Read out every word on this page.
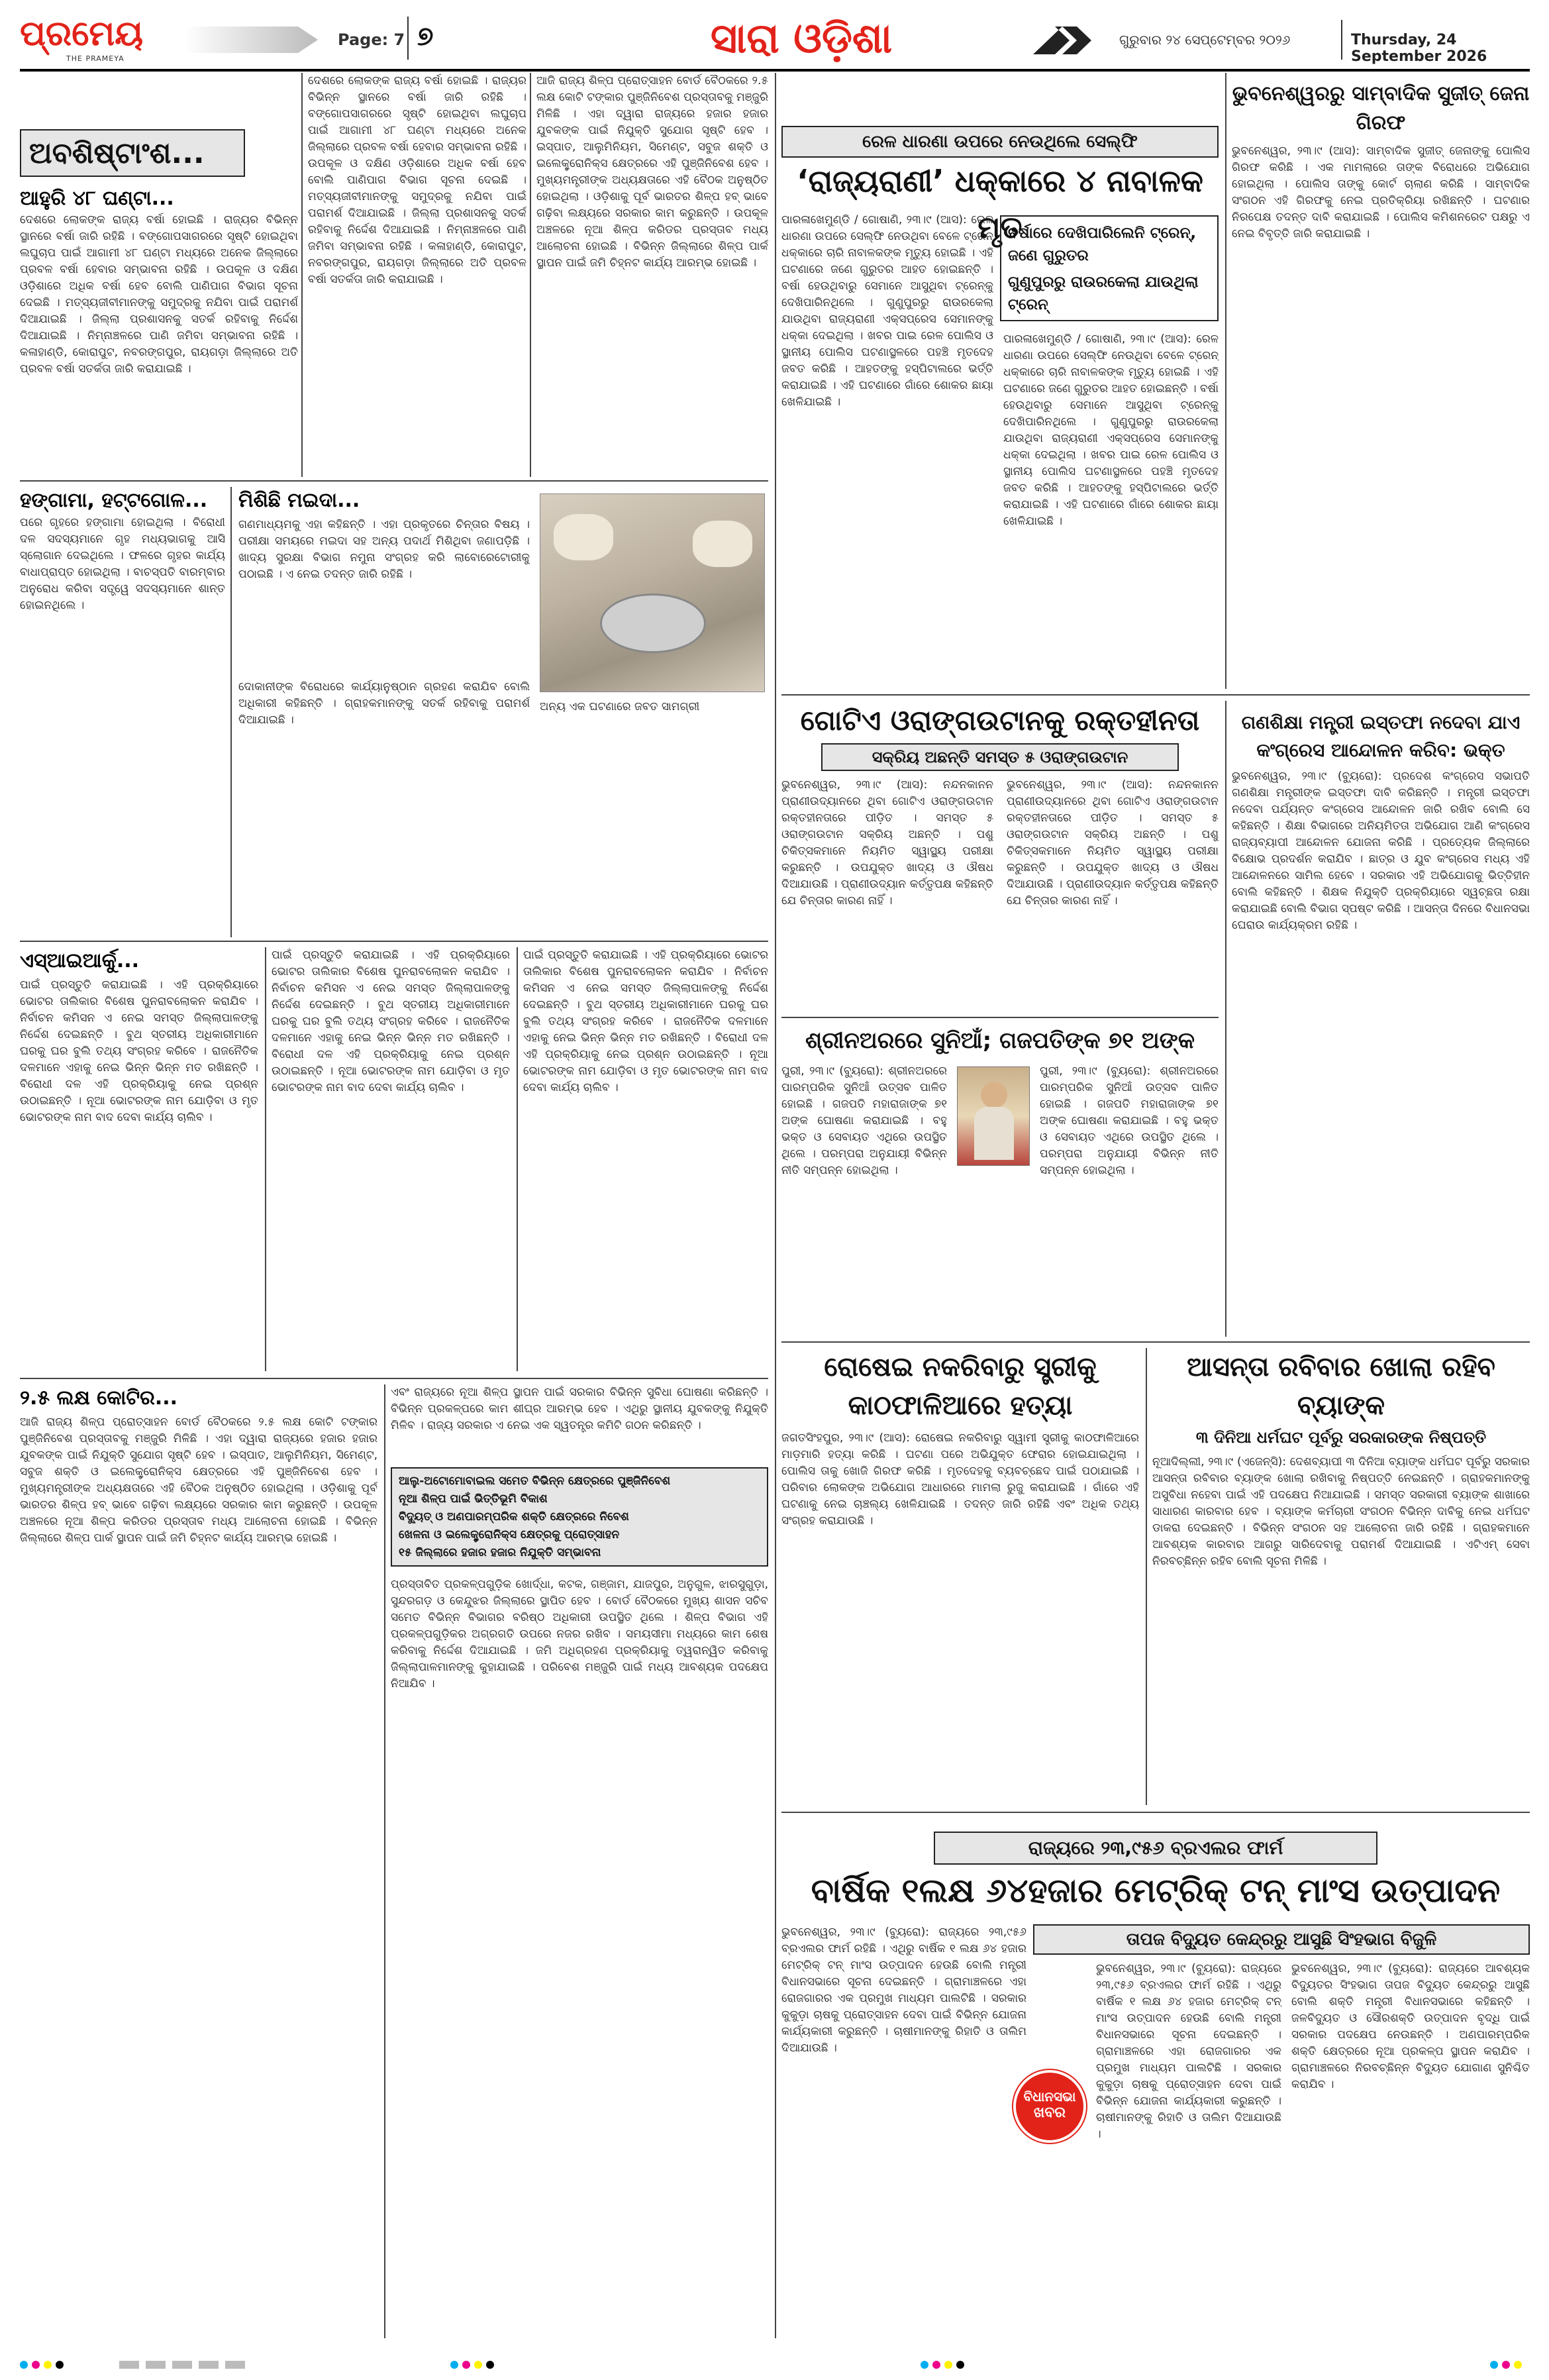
ପ୍ରମେୟ
THE PRAMEYA
Page: 7 ୭	ସାରା ଓଡ଼ିଶା	ଗୁରୁବାର ୨୪ ସେପ୍ଟେମ୍ବର ୨୦୨୬	Thursday, 24 September 2026
ଅବଶିଷ୍ଟାଂଶ...
ଆହୁରି ୪୮ ଘଣ୍ଟା...
ଦେଶରେ ଲୋକଙ୍କ ରାଜ୍ୟ ବର୍ଷା ହୋଇଛି । ରାଜ୍ୟର ବିଭିନ୍ନ ସ୍ଥାନରେ ବର୍ଷା ଜାରି ରହିଛି । ବଙ୍ଗୋପସାଗରରେ ସୃଷ୍ଟି ହୋଇଥିବା ଲଘୁଚାପ ପାଇଁ ଆଗାମୀ ୪୮ ଘଣ୍ଟା ମଧ୍ୟରେ ଅନେକ ଜିଲ୍ଲାରେ ପ୍ରବଳ ବର୍ଷା ହେବାର ସମ୍ଭାବନା ରହିଛି । ଉପକୂଳ ଓ ଦକ୍ଷିଣ ଓଡ଼ିଶାରେ ଅଧିକ ବର୍ଷା ହେବ ବୋଲି ପାଣିପାଗ ବିଭାଗ ସୂଚନା ଦେଇଛି । ମତ୍ସ୍ୟଜୀବୀମାନଙ୍କୁ ସମୁଦ୍ରକୁ ନଯିବା ପାଇଁ ପରାମର୍ଶ ଦିଆଯାଇଛି । ଜିଲ୍ଲା ପ୍ରଶାସନକୁ ସତର୍କ ରହିବାକୁ ନିର୍ଦ୍ଦେଶ ଦିଆଯାଇଛି । ନିମ୍ନାଞ୍ଚଳରେ ପାଣି ଜମିବା ସମ୍ଭାବନା ରହିଛି । କଳାହାଣ୍ଡି, କୋରାପୁଟ, ନବରଙ୍ଗପୁର, ରାୟଗଡ଼ା ଜିଲ୍ଲାରେ ଅତି ପ୍ରବଳ ବର୍ଷା ସତର୍କତା ଜାରି କରାଯାଇଛି ।
ଦେଶରେ ଲୋକଙ୍କ ରାଜ୍ୟ ବର୍ଷା ହୋଇଛି । ରାଜ୍ୟର ବିଭିନ୍ନ ସ୍ଥାନରେ ବର୍ଷା ଜାରି ରହିଛି । ବଙ୍ଗୋପସାଗରରେ ସୃଷ୍ଟି ହୋଇଥିବା ଲଘୁଚାପ ପାଇଁ ଆଗାମୀ ୪୮ ଘଣ୍ଟା ମଧ୍ୟରେ ଅନେକ ଜିଲ୍ଲାରେ ପ୍ରବଳ ବର୍ଷା ହେବାର ସମ୍ଭାବନା ରହିଛି । ଉପକୂଳ ଓ ଦକ୍ଷିଣ ଓଡ଼ିଶାରେ ଅଧିକ ବର୍ଷା ହେବ ବୋଲି ପାଣିପାଗ ବିଭାଗ ସୂଚନା ଦେଇଛି । ମତ୍ସ୍ୟଜୀବୀମାନଙ୍କୁ ସମୁଦ୍ରକୁ ନଯିବା ପାଇଁ ପରାମର୍ଶ ଦିଆଯାଇଛି । ଜିଲ୍ଲା ପ୍ରଶାସନକୁ ସତର୍କ ରହିବାକୁ ନିର୍ଦ୍ଦେଶ ଦିଆଯାଇଛି । ନିମ୍ନାଞ୍ଚଳରେ ପାଣି ଜମିବା ସମ୍ଭାବନା ରହିଛି । କଳାହାଣ୍ଡି, କୋରାପୁଟ, ନବରଙ୍ଗପୁର, ରାୟଗଡ଼ା ଜିଲ୍ଲାରେ ଅତି ପ୍ରବଳ ବର୍ଷା ସତର୍କତା ଜାରି କରାଯାଇଛି ।
ଆଜି ରାଜ୍ୟ ଶିଳ୍ପ ପ୍ରୋତ୍ସାହନ ବୋର୍ଡ ବୈଠକରେ ୨.୫ ଲକ୍ଷ କୋଟି ଟଙ୍କାର ପୁଞ୍ଜିନିବେଶ ପ୍ରସ୍ତାବକୁ ମଞ୍ଜୁରି ମିଳିଛି । ଏହା ଦ୍ୱାରା ରାଜ୍ୟରେ ହଜାର ହଜାର ଯୁବକଙ୍କ ପାଇଁ ନିଯୁକ୍ତି ସୁଯୋଗ ସୃଷ୍ଟି ହେବ । ଇସ୍ପାତ, ଆଲୁମିନିୟମ, ସିମେଣ୍ଟ, ସବୁଜ ଶକ୍ତି ଓ ଇଲେକ୍ଟ୍ରୋନିକ୍ସ କ୍ଷେତ୍ରରେ ଏହି ପୁଞ୍ଜିନିବେଶ ହେବ । ମୁଖ୍ୟମନ୍ତ୍ରୀଙ୍କ ଅଧ୍ୟକ୍ଷତାରେ ଏହି ବୈଠକ ଅନୁଷ୍ଠିତ ହୋଇଥିଲା । ଓଡ଼ିଶାକୁ ପୂର୍ବ ଭାରତର ଶିଳ୍ପ ହବ୍ ଭାବେ ଗଢ଼ିବା ଲକ୍ଷ୍ୟରେ ସରକାର କାମ କରୁଛନ୍ତି । ଉପକୂଳ ଅଞ୍ଚଳରେ ନୂଆ ଶିଳ୍ପ କରିଡର ପ୍ରସ୍ତାବ ମଧ୍ୟ ଆଲୋଚନା ହୋଇଛି । ବିଭିନ୍ନ ଜିଲ୍ଲାରେ ଶିଳ୍ପ ପାର୍କ ସ୍ଥାପନ ପାଇଁ ଜମି ଚିହ୍ନଟ କାର୍ଯ୍ୟ ଆରମ୍ଭ ହୋଇଛି ।
ହଙ୍ଗାମା, ହଟ୍ଟଗୋଳ...
ପରେ ଗୃହରେ ହଙ୍ଗାମା ହୋଇଥିଲା । ବିରୋଧୀ ଦଳ ସଦସ୍ୟମାନେ ଗୃହ ମଧ୍ୟଭାଗକୁ ଆସି ସ୍ଲୋଗାନ ଦେଇଥିଲେ । ଫଳରେ ଗୃହର କାର୍ଯ୍ୟ ବାଧାପ୍ରାପ୍ତ ହୋଇଥିଲା । ବାଚସ୍ପତି ବାରମ୍ବାର ଅନୁରୋଧ କରିବା ସତ୍ତ୍ୱେ ସଦସ୍ୟମାନେ ଶାନ୍ତ ହୋଇନଥିଲେ ।
ମିଶିଛି ମଇଦା...
ଗଣମାଧ୍ୟମକୁ ଏହା କହିଛନ୍ତି । ଏହା ପ୍ରକୃତରେ ଚିନ୍ତାର ବିଷୟ । ପରୀକ୍ଷା ସମୟରେ ମଇଦା ସହ ଅନ୍ୟ ପଦାର୍ଥ ମିଶିଥିବା ଜଣାପଡ଼ିଛି । ଖାଦ୍ୟ ସୁରକ୍ଷା ବିଭାଗ ନମୁନା ସଂଗ୍ରହ କରି ଲାବୋରେଟୋରୀକୁ ପଠାଇଛି । ଏ ନେଇ ତଦନ୍ତ ଜାରି ରହିଛି ।
ଦୋକାନୀଙ୍କ ବିରୋଧରେ କାର୍ଯ୍ୟାନୁଷ୍ଠାନ ଗ୍ରହଣ କରାଯିବ ବୋଲି ଅଧିକାରୀ କହିଛନ୍ତି । ଗ୍ରାହକମାନଙ୍କୁ ସତର୍କ ରହିବାକୁ ପରାମର୍ଶ ଦିଆଯାଇଛି ।
ଅନ୍ୟ ଏକ ଘଟଣାରେ ଜବତ ସାମଗ୍ରୀ
ଏସ୍ଆଇଆର୍କୁ...
ପାଇଁ ପ୍ରସ୍ତୁତି କରାଯାଇଛି । ଏହି ପ୍ରକ୍ରିୟାରେ ଭୋଟର ତାଲିକାର ବିଶେଷ ପୁନରାବଲୋକନ କରାଯିବ । ନିର୍ବାଚନ କମିସନ ଏ ନେଇ ସମସ୍ତ ଜିଲ୍ଲାପାଳଙ୍କୁ ନିର୍ଦ୍ଦେଶ ଦେଇଛନ୍ତି । ବୁଥ ସ୍ତରୀୟ ଅଧିକାରୀମାନେ ଘରକୁ ଘର ବୁଲି ତଥ୍ୟ ସଂଗ୍ରହ କରିବେ । ରାଜନୈତିକ ଦଳମାନେ ଏହାକୁ ନେଇ ଭିନ୍ନ ଭିନ୍ନ ମତ ରଖିଛନ୍ତି । ବିରୋଧୀ ଦଳ ଏହି ପ୍ରକ୍ରିୟାକୁ ନେଇ ପ୍ରଶ୍ନ ଉଠାଇଛନ୍ତି । ନୂଆ ଭୋଟରଙ୍କ ନାମ ଯୋଡ଼ିବା ଓ ମୃତ ଭୋଟରଙ୍କ ନାମ ବାଦ ଦେବା କାର୍ଯ୍ୟ ଚାଲିବ ।
ପାଇଁ ପ୍ରସ୍ତୁତି କରାଯାଇଛି । ଏହି ପ୍ରକ୍ରିୟାରେ ଭୋଟର ତାଲିକାର ବିଶେଷ ପୁନରାବଲୋକନ କରାଯିବ । ନିର୍ବାଚନ କମିସନ ଏ ନେଇ ସମସ୍ତ ଜିଲ୍ଲାପାଳଙ୍କୁ ନିର୍ଦ୍ଦେଶ ଦେଇଛନ୍ତି । ବୁଥ ସ୍ତରୀୟ ଅଧିକାରୀମାନେ ଘରକୁ ଘର ବୁଲି ତଥ୍ୟ ସଂଗ୍ରହ କରିବେ । ରାଜନୈତିକ ଦଳମାନେ ଏହାକୁ ନେଇ ଭିନ୍ନ ଭିନ୍ନ ମତ ରଖିଛନ୍ତି । ବିରୋଧୀ ଦଳ ଏହି ପ୍ରକ୍ରିୟାକୁ ନେଇ ପ୍ରଶ୍ନ ଉଠାଇଛନ୍ତି । ନୂଆ ଭୋଟରଙ୍କ ନାମ ଯୋଡ଼ିବା ଓ ମୃତ ଭୋଟରଙ୍କ ନାମ ବାଦ ଦେବା କାର୍ଯ୍ୟ ଚାଲିବ ।
ପାଇଁ ପ୍ରସ୍ତୁତି କରାଯାଇଛି । ଏହି ପ୍ରକ୍ରିୟାରେ ଭୋଟର ତାଲିକାର ବିଶେଷ ପୁନରାବଲୋକନ କରାଯିବ । ନିର୍ବାଚନ କମିସନ ଏ ନେଇ ସମସ୍ତ ଜିଲ୍ଲାପାଳଙ୍କୁ ନିର୍ଦ୍ଦେଶ ଦେଇଛନ୍ତି । ବୁଥ ସ୍ତରୀୟ ଅଧିକାରୀମାନେ ଘରକୁ ଘର ବୁଲି ତଥ୍ୟ ସଂଗ୍ରହ କରିବେ । ରାଜନୈତିକ ଦଳମାନେ ଏହାକୁ ନେଇ ଭିନ୍ନ ଭିନ୍ନ ମତ ରଖିଛନ୍ତି । ବିରୋଧୀ ଦଳ ଏହି ପ୍ରକ୍ରିୟାକୁ ନେଇ ପ୍ରଶ୍ନ ଉଠାଇଛନ୍ତି । ନୂଆ ଭୋଟରଙ୍କ ନାମ ଯୋଡ଼ିବା ଓ ମୃତ ଭୋଟରଙ୍କ ନାମ ବାଦ ଦେବା କାର୍ଯ୍ୟ ଚାଲିବ ।
୨.୫ ଲକ୍ଷ କୋଟିର...
ଆଜି ରାଜ୍ୟ ଶିଳ୍ପ ପ୍ରୋତ୍ସାହନ ବୋର୍ଡ ବୈଠକରେ ୨.୫ ଲକ୍ଷ କୋଟି ଟଙ୍କାର ପୁଞ୍ଜିନିବେଶ ପ୍ରସ୍ତାବକୁ ମଞ୍ଜୁରି ମିଳିଛି । ଏହା ଦ୍ୱାରା ରାଜ୍ୟରେ ହଜାର ହଜାର ଯୁବକଙ୍କ ପାଇଁ ନିଯୁକ୍ତି ସୁଯୋଗ ସୃଷ୍ଟି ହେବ । ଇସ୍ପାତ, ଆଲୁମିନିୟମ, ସିମେଣ୍ଟ, ସବୁଜ ଶକ୍ତି ଓ ଇଲେକ୍ଟ୍ରୋନିକ୍ସ କ୍ଷେତ୍ରରେ ଏହି ପୁଞ୍ଜିନିବେଶ ହେବ । ମୁଖ୍ୟମନ୍ତ୍ରୀଙ୍କ ଅଧ୍ୟକ୍ଷତାରେ ଏହି ବୈଠକ ଅନୁଷ୍ଠିତ ହୋଇଥିଲା । ଓଡ଼ିଶାକୁ ପୂର୍ବ ଭାରତର ଶିଳ୍ପ ହବ୍ ଭାବେ ଗଢ଼ିବା ଲକ୍ଷ୍ୟରେ ସରକାର କାମ କରୁଛନ୍ତି । ଉପକୂଳ ଅଞ୍ଚଳରେ ନୂଆ ଶିଳ୍ପ କରିଡର ପ୍ରସ୍ତାବ ମଧ୍ୟ ଆଲୋଚନା ହୋଇଛି । ବିଭିନ୍ନ ଜିଲ୍ଲାରେ ଶିଳ୍ପ ପାର୍କ ସ୍ଥାପନ ପାଇଁ ଜମି ଚିହ୍ନଟ କାର୍ଯ୍ୟ ଆରମ୍ଭ ହୋଇଛି ।
ଏବଂ ରାଜ୍ୟରେ ନୂଆ ଶିଳ୍ପ ସ୍ଥାପନ ପାଇଁ ସରକାର ବିଭିନ୍ନ ସୁବିଧା ଘୋଷଣା କରିଛନ୍ତି । ବିଭିନ୍ନ ପ୍ରକଳ୍ପରେ କାମ ଶୀଘ୍ର ଆରମ୍ଭ ହେବ । ଏଥିରୁ ସ୍ଥାନୀୟ ଯୁବକଙ୍କୁ ନିଯୁକ୍ତି ମିଳିବ । ରାଜ୍ୟ ସରକାର ଏ ନେଇ ଏକ ସ୍ୱତନ୍ତ୍ର କମିଟି ଗଠନ କରିଛନ୍ତି ।
ଆଲୁ-ଅଟୋମୋବାଇଲ ସମେତ ବିଭିନ୍ନ କ୍ଷେତ୍ରରେ ପୁଞ୍ଜିନିବେଶ
ନୂଆ ଶିଳ୍ପ ପାଇଁ ଭିତ୍ତିଭୂମି ବିକାଶ
ବିଦ୍ୟୁତ୍ ଓ ଅଣପାରମ୍ପରିକ ଶକ୍ତି କ୍ଷେତ୍ରରେ ନିବେଶ
ଖେଳନା ଓ ଇଲେକ୍ଟ୍ରୋନିକ୍ସ କ୍ଷେତ୍ରକୁ ପ୍ରୋତ୍ସାହନ
୧୫ ଜିଲ୍ଲାରେ ହଜାର ହଜାର ନିଯୁକ୍ତି ସମ୍ଭାବନା
ପ୍ରସ୍ତାବିତ ପ୍ରକଳ୍ପଗୁଡ଼ିକ ଖୋର୍ଦ୍ଧା, କଟକ, ଗଞ୍ଜାମ, ଯାଜପୁର, ଅନୁଗୁଳ, ଝାରସୁଗୁଡ଼ା, ସୁନ୍ଦରଗଡ଼ ଓ କେନ୍ଦୁଝର ଜିଲ୍ଲାରେ ସ୍ଥାପିତ ହେବ । ବୋର୍ଡ ବୈଠକରେ ମୁଖ୍ୟ ଶାସନ ସଚିବ ସମେତ ବିଭିନ୍ନ ବିଭାଗର ବରିଷ୍ଠ ଅଧିକାରୀ ଉପସ୍ଥିତ ଥିଲେ । ଶିଳ୍ପ ବିଭାଗ ଏହି ପ୍ରକଳ୍ପଗୁଡ଼ିକର ଅଗ୍ରଗତି ଉପରେ ନଜର ରଖିବ । ସମୟସୀମା ମଧ୍ୟରେ କାମ ଶେଷ କରିବାକୁ ନିର୍ଦ୍ଦେଶ ଦିଆଯାଇଛି । ଜମି ଅଧିଗ୍ରହଣ ପ୍ରକ୍ରିୟାକୁ ତ୍ୱରାନ୍ୱିତ କରିବାକୁ ଜିଲ୍ଲାପାଳମାନଙ୍କୁ କୁହାଯାଇଛି । ପରିବେଶ ମଞ୍ଜୁରି ପାଇଁ ମଧ୍ୟ ଆବଶ୍ୟକ ପଦକ୍ଷେପ ନିଆଯିବ ।
ରେଳ ଧାରଣା ଉପରେ ନେଉଥିଲେ ସେଲ୍ଫି
‘ରାଜ୍ୟରାଣୀ’ ଧକ୍କାରେ ୪ ନାବାଳକ ମୃତ
ପାରଳାଖେମୁଣ୍ଡି / ଗୋଷାଣି, ୨୩।୯ (ଆସ): ରେଳ ଧାରଣା ଉପରେ ସେଲ୍ଫି ନେଉଥିବା ବେଳେ ଟ୍ରେନ୍ ଧକ୍କାରେ ଚାରି ନାବାଳକଙ୍କ ମୃତ୍ୟୁ ହୋଇଛି । ଏହି ଘଟଣାରେ ଜଣେ ଗୁରୁତର ଆହତ ହୋଇଛନ୍ତି । ବର୍ଷା ହେଉଥିବାରୁ ସେମାନେ ଆସୁଥିବା ଟ୍ରେନ୍କୁ ଦେଖିପାରିନଥିଲେ । ଗୁଣୁପୁରରୁ ରାଉରକେଲା ଯାଉଥିବା ରାଜ୍ୟରାଣୀ ଏକ୍ସପ୍ରେସ ସେମାନଙ୍କୁ ଧକ୍କା ଦେଇଥିଲା । ଖବର ପାଇ ରେଳ ପୋଲିସ ଓ ସ୍ଥାନୀୟ ପୋଲିସ ଘଟଣାସ୍ଥଳରେ ପହଞ୍ଚି ମୃତଦେହ ଜବତ କରିଛି । ଆହତଙ୍କୁ ହସ୍ପିଟାଲରେ ଭର୍ତ୍ତି କରାଯାଇଛି । ଏହି ଘଟଣାରେ ଗାଁରେ ଶୋକର ଛାୟା ଖେଳିଯାଇଛି ।
ବର୍ଷାରେ ଦେଖିପାରିଲେନି ଟ୍ରେନ୍, ଜଣେ ଗୁରୁତର
ଗୁଣୁପୁରରୁ ରାଉରକେଲା ଯାଉଥିଲା ଟ୍ରେନ୍
ପାରଳାଖେମୁଣ୍ଡି / ଗୋଷାଣି, ୨୩।୯ (ଆସ): ରେଳ ଧାରଣା ଉପରେ ସେଲ୍ଫି ନେଉଥିବା ବେଳେ ଟ୍ରେନ୍ ଧକ୍କାରେ ଚାରି ନାବାଳକଙ୍କ ମୃତ୍ୟୁ ହୋଇଛି । ଏହି ଘଟଣାରେ ଜଣେ ଗୁରୁତର ଆହତ ହୋଇଛନ୍ତି । ବର୍ଷା ହେଉଥିବାରୁ ସେମାନେ ଆସୁଥିବା ଟ୍ରେନ୍କୁ ଦେଖିପାରିନଥିଲେ । ଗୁଣୁପୁରରୁ ରାଉରକେଲା ଯାଉଥିବା ରାଜ୍ୟରାଣୀ ଏକ୍ସପ୍ରେସ ସେମାନଙ୍କୁ ଧକ୍କା ଦେଇଥିଲା । ଖବର ପାଇ ରେଳ ପୋଲିସ ଓ ସ୍ଥାନୀୟ ପୋଲିସ ଘଟଣାସ୍ଥଳରେ ପହଞ୍ଚି ମୃତଦେହ ଜବତ କରିଛି । ଆହତଙ୍କୁ ହସ୍ପିଟାଲରେ ଭର୍ତ୍ତି କରାଯାଇଛି । ଏହି ଘଟଣାରେ ଗାଁରେ ଶୋକର ଛାୟା ଖେଳିଯାଇଛି ।
ଭୁବନେଶ୍ୱରରୁ ସାମ୍ବାଦିକ ସୁଜୀତ୍ ଜେନା ଗିରଫ
ଭୁବନେଶ୍ୱର, ୨୩।୯ (ଆସ): ସାମ୍ବାଦିକ ସୁଜୀତ୍ ଜେନାଙ୍କୁ ପୋଲିସ ଗିରଫ କରିଛି । ଏକ ମାମଲାରେ ତାଙ୍କ ବିରୋଧରେ ଅଭିଯୋଗ ହୋଇଥିଲା । ପୋଲିସ ତାଙ୍କୁ କୋର୍ଟ ଚାଲାଣ କରିଛି । ସାମ୍ବାଦିକ ସଂଗଠନ ଏହି ଗିରଫକୁ ନେଇ ପ୍ରତିକ୍ରିୟା ରଖିଛନ୍ତି । ଘଟଣାର ନିରପେକ୍ଷ ତଦନ୍ତ ଦାବି କରାଯାଇଛି । ପୋଲିସ କମିଶନରେଟ ପକ୍ଷରୁ ଏ ନେଇ ବିବୃତ୍ତି ଜାରି କରାଯାଇଛି ।
ଗୋଟିଏ ଓରାଙ୍ଗଉଟାନକୁ ରକ୍ତହୀନତା
ସକ୍ରିୟ ଅଛନ୍ତି ସମସ୍ତ ୫ ଓରାଙ୍ଗଉଟାନ
ଭୁବନେଶ୍ୱର, ୨୩।୯ (ଆସ): ନନ୍ଦନକାନନ ପ୍ରାଣୀଉଦ୍ୟାନରେ ଥିବା ଗୋଟିଏ ଓରାଙ୍ଗଉଟାନ ରକ୍ତହୀନତାରେ ପୀଡ଼ିତ । ସମସ୍ତ ୫ ଓରାଙ୍ଗଉଟାନ ସକ୍ରିୟ ଅଛନ୍ତି । ପଶୁ ଚିକିତ୍ସକମାନେ ନିୟମିତ ସ୍ୱାସ୍ଥ୍ୟ ପରୀକ୍ଷା କରୁଛନ୍ତି । ଉପଯୁକ୍ତ ଖାଦ୍ୟ ଓ ଔଷଧ ଦିଆଯାଉଛି । ପ୍ରାଣୀଉଦ୍ୟାନ କର୍ତ୍ତୃପକ୍ଷ କହିଛନ୍ତି ଯେ ଚିନ୍ତାର କାରଣ ନାହିଁ ।
ଭୁବନେଶ୍ୱର, ୨୩।୯ (ଆସ): ନନ୍ଦନକାନନ ପ୍ରାଣୀଉଦ୍ୟାନରେ ଥିବା ଗୋଟିଏ ଓରାଙ୍ଗଉଟାନ ରକ୍ତହୀନତାରେ ପୀଡ଼ିତ । ସମସ୍ତ ୫ ଓରାଙ୍ଗଉଟାନ ସକ୍ରିୟ ଅଛନ୍ତି । ପଶୁ ଚିକିତ୍ସକମାନେ ନିୟମିତ ସ୍ୱାସ୍ଥ୍ୟ ପରୀକ୍ଷା କରୁଛନ୍ତି । ଉପଯୁକ୍ତ ଖାଦ୍ୟ ଓ ଔଷଧ ଦିଆଯାଉଛି । ପ୍ରାଣୀଉଦ୍ୟାନ କର୍ତ୍ତୃପକ୍ଷ କହିଛନ୍ତି ଯେ ଚିନ୍ତାର କାରଣ ନାହିଁ ।
ଗଣଶିକ୍ଷା ମନ୍ତ୍ରୀ ଇସ୍ତଫା ନଦେବା ଯାଏ କଂଗ୍ରେସ ଆନ୍ଦୋଳନ କରିବ: ଭକ୍ତ
ଭୁବନେଶ୍ୱର, ୨୩।୯ (ବ୍ୟୁରୋ): ପ୍ରଦେଶ କଂଗ୍ରେସ ସଭାପତି ଗଣଶିକ୍ଷା ମନ୍ତ୍ରୀଙ୍କ ଇସ୍ତଫା ଦାବି କରିଛନ୍ତି । ମନ୍ତ୍ରୀ ଇସ୍ତଫା ନଦେବା ପର୍ଯ୍ୟନ୍ତ କଂଗ୍ରେସ ଆନ୍ଦୋଳନ ଜାରି ରଖିବ ବୋଲି ସେ କହିଛନ୍ତି । ଶିକ୍ଷା ବିଭାଗରେ ଅନିୟମିତତା ଅଭିଯୋଗ ଆଣି କଂଗ୍ରେସ ରାଜ୍ୟବ୍ୟାପୀ ଆନ୍ଦୋଳନ ଯୋଜନା କରିଛି । ପ୍ରତ୍ୟେକ ଜିଲ୍ଲାରେ ବିକ୍ଷୋଭ ପ୍ରଦର୍ଶନ କରାଯିବ । ଛାତ୍ର ଓ ଯୁବ କଂଗ୍ରେସ ମଧ୍ୟ ଏହି ଆନ୍ଦୋଳନରେ ସାମିଲ ହେବେ । ସରକାର ଏହି ଅଭିଯୋଗକୁ ଭିତ୍ତିହୀନ ବୋଲି କହିଛନ୍ତି । ଶିକ୍ଷକ ନିଯୁକ୍ତି ପ୍ରକ୍ରିୟାରେ ସ୍ୱଚ୍ଛତା ରକ୍ଷା କରାଯାଇଛି ବୋଲି ବିଭାଗ ସ୍ପଷ୍ଟ କରିଛି । ଆସନ୍ତା ଦିନରେ ବିଧାନସଭା ଘେରାଉ କାର୍ଯ୍ୟକ୍ରମ ରହିଛି ।
ଶ୍ରୀନଅରରେ ସୁନିଆଁ; ଗଜପତିଙ୍କ ୭୧ ଅଙ୍କ
ପୁରୀ, ୨୩।୯ (ବ୍ୟୁରୋ): ଶ୍ରୀନଅରରେ ପାରମ୍ପରିକ ସୁନିଆଁ ଉତ୍ସବ ପାଳିତ ହୋଇଛି । ଗଜପତି ମହାରାଜାଙ୍କ ୭୧ ଅଙ୍କ ଘୋଷଣା କରାଯାଇଛି । ବହୁ ଭକ୍ତ ଓ ସେବାୟତ ଏଥିରେ ଉପସ୍ଥିତ ଥିଲେ । ପରମ୍ପରା ଅନୁଯାୟୀ ବିଭିନ୍ନ ନୀତି ସମ୍ପନ୍ନ ହୋଇଥିଲା ।
ପୁରୀ, ୨୩।୯ (ବ୍ୟୁରୋ): ଶ୍ରୀନଅରରେ ପାରମ୍ପରିକ ସୁନିଆଁ ଉତ୍ସବ ପାଳିତ ହୋଇଛି । ଗଜପତି ମହାରାଜାଙ୍କ ୭୧ ଅଙ୍କ ଘୋଷଣା କରାଯାଇଛି । ବହୁ ଭକ୍ତ ଓ ସେବାୟତ ଏଥିରେ ଉପସ୍ଥିତ ଥିଲେ । ପରମ୍ପରା ଅନୁଯାୟୀ ବିଭିନ୍ନ ନୀତି ସମ୍ପନ୍ନ ହୋଇଥିଲା ।
ରୋଷେଇ ନକରିବାରୁ ସ୍ତ୍ରୀକୁ କାଠଫାଳିଆରେ ହତ୍ୟା
ଜଗତସିଂହପୁର, ୨୩।୯ (ଆସ): ରୋଷେଇ ନକରିବାରୁ ସ୍ୱାମୀ ସ୍ତ୍ରୀକୁ କାଠଫାଳିଆରେ ମାଡ଼ମାରି ହତ୍ୟା କରିଛି । ଘଟଣା ପରେ ଅଭିଯୁକ୍ତ ଫେରାର ହୋଇଯାଇଥିଲା । ପୋଲିସ ତାକୁ ଖୋଜି ଗିରଫ କରିଛି । ମୃତଦେହକୁ ବ୍ୟବଚ୍ଛେଦ ପାଇଁ ପଠାଯାଇଛି । ପରିବାର ଲୋକଙ୍କ ଅଭିଯୋଗ ଆଧାରରେ ମାମଲା ରୁଜୁ କରାଯାଇଛି । ଗାଁରେ ଏହି ଘଟଣାକୁ ନେଇ ଚାଞ୍ଚଲ୍ୟ ଖେଳିଯାଇଛି । ତଦନ୍ତ ଜାରି ରହିଛି ଏବଂ ଅଧିକ ତଥ୍ୟ ସଂଗ୍ରହ କରାଯାଉଛି ।
ଆସନ୍ତା ରବିବାର ଖୋଲା ରହିବ ବ୍ୟାଙ୍କ
୩ ଦିନିଆ ଧର୍ମଘଟ ପୂର୍ବରୁ ସରକାରଙ୍କ ନିଷ୍ପତ୍ତି
ନୂଆଦିଲ୍ଲୀ, ୨୩।୯ (ଏଜେନ୍ସି): ଦେଶବ୍ୟାପୀ ୩ ଦିନିଆ ବ୍ୟାଙ୍କ ଧର୍ମଘଟ ପୂର୍ବରୁ ସରକାର ଆସନ୍ତା ରବିବାର ବ୍ୟାଙ୍କ ଖୋଲା ରଖିବାକୁ ନିଷ୍ପତ୍ତି ନେଇଛନ୍ତି । ଗ୍ରାହକମାନଙ୍କୁ ଅସୁବିଧା ନହେବା ପାଇଁ ଏହି ପଦକ୍ଷେପ ନିଆଯାଇଛି । ସମସ୍ତ ସରକାରୀ ବ୍ୟାଙ୍କ ଶାଖାରେ ସାଧାରଣ କାରବାର ହେବ । ବ୍ୟାଙ୍କ କର୍ମଚାରୀ ସଂଗଠନ ବିଭିନ୍ନ ଦାବିକୁ ନେଇ ଧର୍ମଘଟ ଡାକରା ଦେଇଛନ୍ତି । ବିଭିନ୍ନ ସଂଗଠନ ସହ ଆଲୋଚନା ଜାରି ରହିଛି । ଗ୍ରାହକମାନେ ଆବଶ୍ୟକ କାରବାର ଆଗରୁ ସାରିଦେବାକୁ ପରାମର୍ଶ ଦିଆଯାଇଛି । ଏଟିଏମ୍ ସେବା ନିରବଚ୍ଛିନ୍ନ ରହିବ ବୋଲି ସୂଚନା ମିଳିଛି ।
ରାଜ୍ୟରେ ୨୩,୯୫୬ ବ୍ରଏଲର ଫାର୍ମ
ବାର୍ଷିକ ୧ଲକ୍ଷ ୬୪ହଜାର ମେଟ୍ରିକ୍ ଟନ୍ ମାଂସ ଉତ୍ପାଦନ
ଭୁବନେଶ୍ୱର, ୨୩।୯ (ବ୍ୟୁରୋ): ରାଜ୍ୟରେ ୨୩,୯୫୬ ବ୍ରଏଲର ଫାର୍ମ ରହିଛି । ଏଥିରୁ ବାର୍ଷିକ ୧ ଲକ୍ଷ ୬୪ ହଜାର ମେଟ୍ରିକ୍ ଟନ୍ ମାଂସ ଉତ୍ପାଦନ ହେଉଛି ବୋଲି ମନ୍ତ୍ରୀ ବିଧାନସଭାରେ ସୂଚନା ଦେଇଛନ୍ତି । ଗ୍ରାମାଞ୍ଚଳରେ ଏହା ରୋଜଗାରର ଏକ ପ୍ରମୁଖ ମାଧ୍ୟମ ପାଲଟିଛି । ସରକାର କୁକୁଡ଼ା ଚାଷକୁ ପ୍ରୋତ୍ସାହନ ଦେବା ପାଇଁ ବିଭିନ୍ନ ଯୋଜନା କାର୍ଯ୍ୟକାରୀ କରୁଛନ୍ତି । ଚାଷୀମାନଙ୍କୁ ରିହାତି ଓ ତାଲିମ ଦିଆଯାଉଛି ।
ବିଧାନସଭା
ଖବର
ତାପଜ ବିଦ୍ୟୁତ କେନ୍ଦ୍ରରୁ ଆସୁଛି ସିଂହଭାଗ ବିଜୁଳି
ଭୁବନେଶ୍ୱର, ୨୩।୯ (ବ୍ୟୁରୋ): ରାଜ୍ୟରେ ୨୩,୯୫୬ ବ୍ରଏଲର ଫାର୍ମ ରହିଛି । ଏଥିରୁ ବାର୍ଷିକ ୧ ଲକ୍ଷ ୬୪ ହଜାର ମେଟ୍ରିକ୍ ଟନ୍ ମାଂସ ଉତ୍ପାଦନ ହେଉଛି ବୋଲି ମନ୍ତ୍ରୀ ବିଧାନସଭାରେ ସୂଚନା ଦେଇଛନ୍ତି । ଗ୍ରାମାଞ୍ଚଳରେ ଏହା ରୋଜଗାରର ଏକ ପ୍ରମୁଖ ମାଧ୍ୟମ ପାଲଟିଛି । ସରକାର କୁକୁଡ଼ା ଚାଷକୁ ପ୍ରୋତ୍ସାହନ ଦେବା ପାଇଁ ବିଭିନ୍ନ ଯୋଜନା କାର୍ଯ୍ୟକାରୀ କରୁଛନ୍ତି । ଚାଷୀମାନଙ୍କୁ ରିହାତି ଓ ତାଲିମ ଦିଆଯାଉଛି ।
ଭୁବନେଶ୍ୱର, ୨୩।୯ (ବ୍ୟୁରୋ): ରାଜ୍ୟରେ ଆବଶ୍ୟକ ବିଦ୍ୟୁତର ସିଂହଭାଗ ତାପଜ ବିଦ୍ୟୁତ କେନ୍ଦ୍ରରୁ ଆସୁଛି ବୋଲି ଶକ୍ତି ମନ୍ତ୍ରୀ ବିଧାନସଭାରେ କହିଛନ୍ତି । ଜଳବିଦ୍ୟୁତ ଓ ସୌରଶକ୍ତି ଉତ୍ପାଦନ ବୃଦ୍ଧି ପାଇଁ ସରକାର ପଦକ୍ଷେପ ନେଉଛନ୍ତି । ଅଣପାରମ୍ପରିକ ଶକ୍ତି କ୍ଷେତ୍ରରେ ନୂଆ ପ୍ରକଳ୍ପ ସ୍ଥାପନ କରାଯିବ । ଗ୍ରାମାଞ୍ଚଳରେ ନିରବଚ୍ଛିନ୍ନ ବିଦ୍ୟୁତ ଯୋଗାଣ ସୁନିଶ୍ଚିତ କରାଯିବ ।
